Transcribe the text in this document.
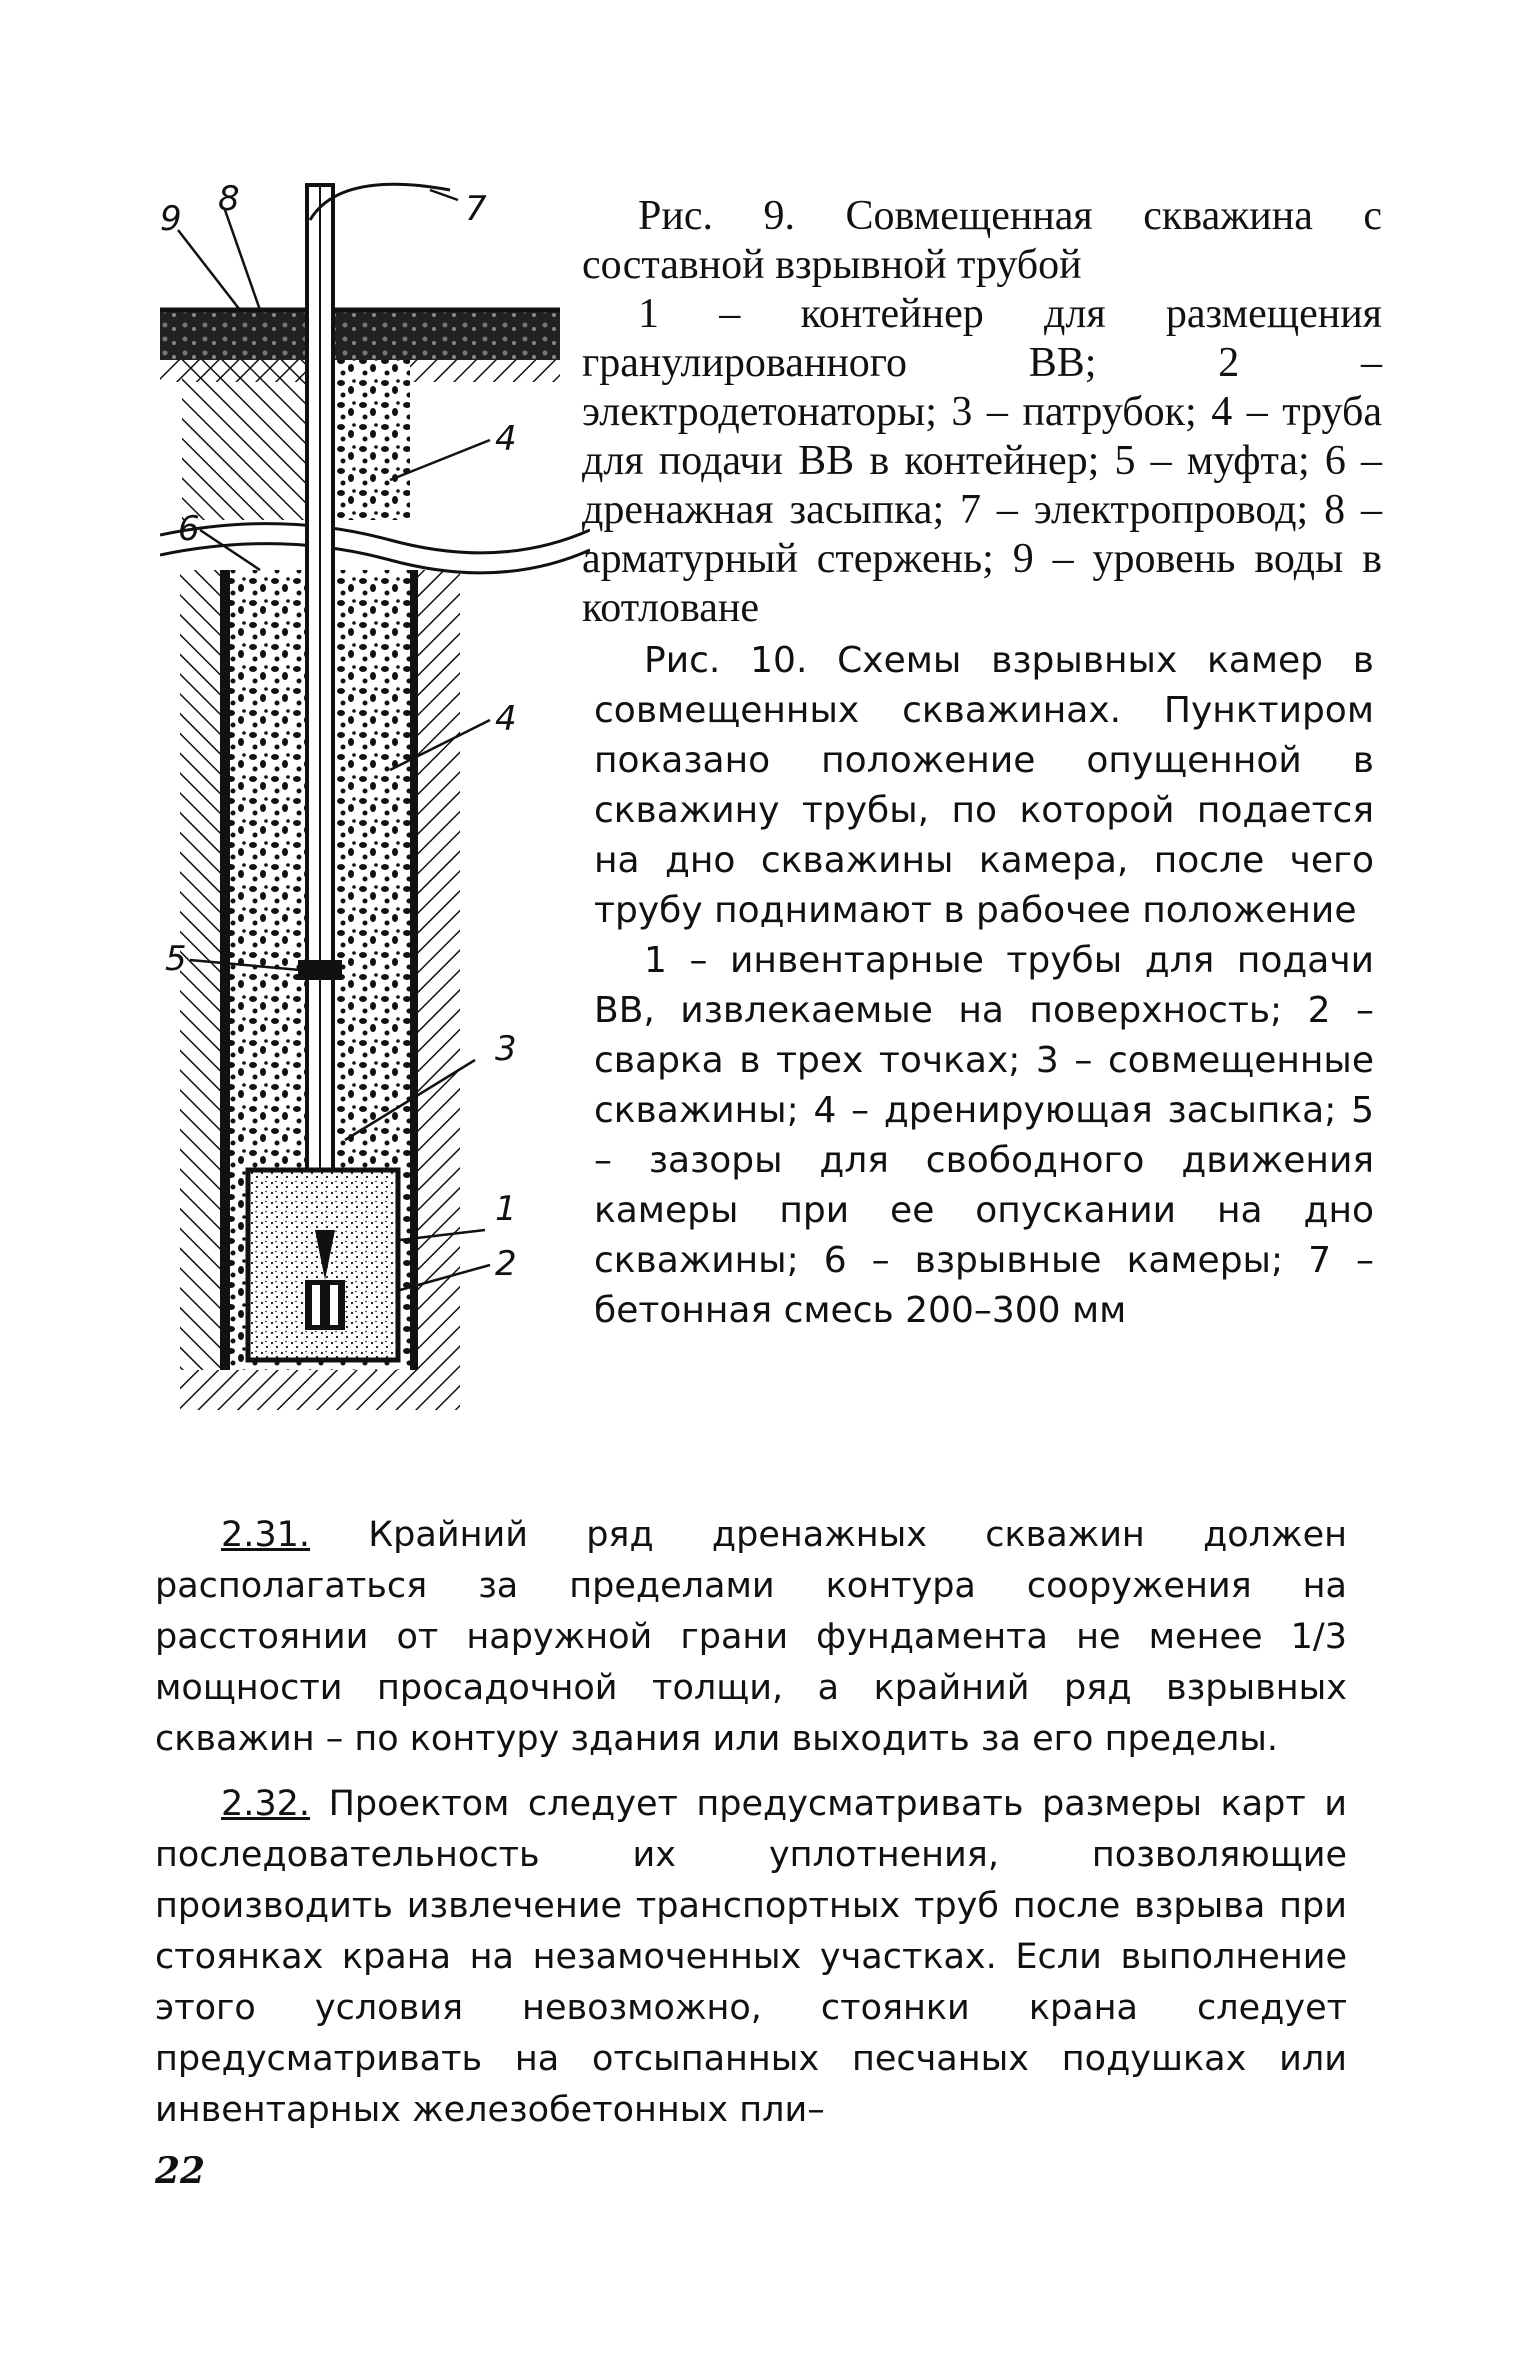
9 8	7
4
6
4
5
3
1
2

Рис. 9. Совмещенная скважина с составной взрывной трубой

1 – контейнер для размещения гранулированного ВВ; 2 – электродетонаторы; 3 – патрубок; 4 – труба для подачи ВВ в контейнер; 5 – муфта; 6 – дренажная засыпка; 7 – электропровод; 8 – арматурный стержень; 9 – уровень воды в котловане

Рис. 10. Схемы взрывных камер в совмещенных скважинах. Пунктиром показано положение опущенной в скважину трубы, по которой подается на дно скважины камера, после чего трубу поднимают в рабочее положение

1 – инвентарные трубы для подачи ВВ, извлекаемые на поверхность; 2 – сварка в трех точках; 3 – совмещенные скважины; 4 – дренирующая засыпка; 5 – зазоры для свободного движения камеры при ее опускании на дно скважины; 6 – взрывные камеры; 7 – бетонная смесь 200–300 мм

2.31. Крайний ряд дренажных скважин должен располагаться за пределами контура сооружения на расстоянии от наружной грани фундамента не менее 1/3 мощности просадочной толщи, а крайний ряд взрывных скважин – по контуру здания или выходить за его пределы.

2.32. Проектом следует предусматривать размеры карт и последовательность их уплотнения, позволяющие производить извлечение транспортных труб после взрыва при стоянках крана на незамоченных участках. Если выполнение этого условия невозможно, стоянки крана следует предусматривать на отсыпанных песчаных подушках или инвентарных железобетонных пли–

22
